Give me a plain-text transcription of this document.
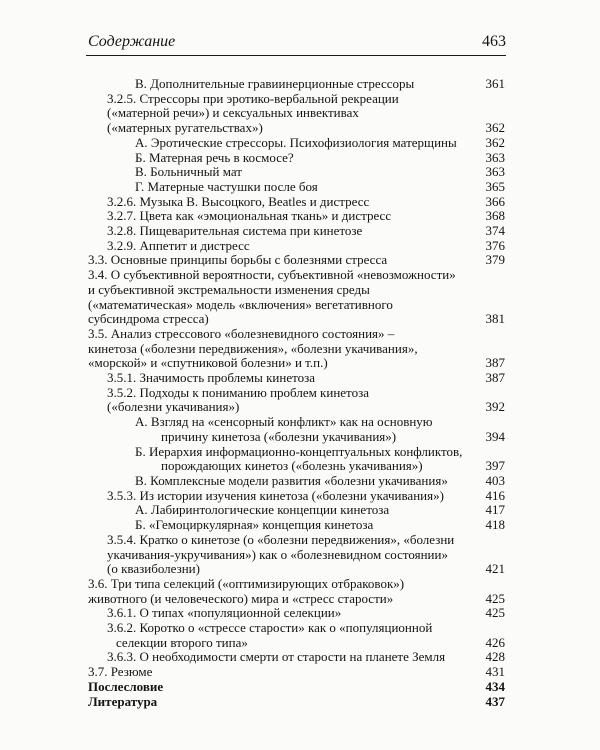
Содержание	463
В. Дополнительные гравиинерционные стрессоры	361
3.2.5. Стрессоры при эротико-вербальной рекреации
(«матерной речи») и сексуальных инвективах
(«матерных ругательствах»)	362
А. Эротические стрессоры. Психофизиология матерщины	362
Б. Матерная речь в космосе?	363
В. Больничный мат	363
Г. Матерные частушки после боя	365
3.2.6. Музыка В. Высоцкого, Beatles и дистресс	366
3.2.7. Цвета как «эмоциональная ткань» и дистресс	368
3.2.8. Пищеварительная система при кинетозе	374
3.2.9. Аппетит и дистресс	376
3.3. Основные принципы борьбы с болезнями стресса	379
3.4. О субъективной вероятности, субъективной «невозможности»
и субъективной экстремальности изменения среды
(«математическая» модель «включения» вегетативного
субсиндрома стресса)	381
3.5. Анализ стрессового «болезневидного состояния» –
кинетоза («болезни передвижения», «болезни укачивания»,
«морской» и «спутниковой болезни» и т.п.)	387
3.5.1. Значимость проблемы кинетоза	387
3.5.2. Подходы к пониманию проблем кинетоза
(«болезни укачивания»)	392
А. Взгляд на «сенсорный конфликт» как на основную
причину кинетоза («болезни укачивания»)	394
Б. Иерархия информационно-концептуальных конфликтов,
порождающих кинетоз («болезнь укачивания»)	397
В. Комплексные модели развития «болезни укачивания»	403
3.5.3. Из истории изучения кинетоза («болезни укачивания»)	416
А. Лабиринтологические концепции кинетоза	417
Б. «Гемоциркулярная» концепция кинетоза	418
3.5.4. Кратко о кинетозе (о «болезни передвижения», «болезни
укачивания-укручивания») как о «болезневидном состоянии»
(о квазиболезни)	421
3.6. Три типа селекций («оптимизирующих отбраковок»)
животного (и человеческого) мира и «стресс старости»	425
3.6.1. О типах «популяционной селекции»	425
3.6.2. Коротко о «стрессе старости» как о «популяционной
селекции второго типа»	426
3.6.3. О необходимости смерти от старости на планете Земля	428
3.7. Резюме	431
Послесловие	434
Литература	437
